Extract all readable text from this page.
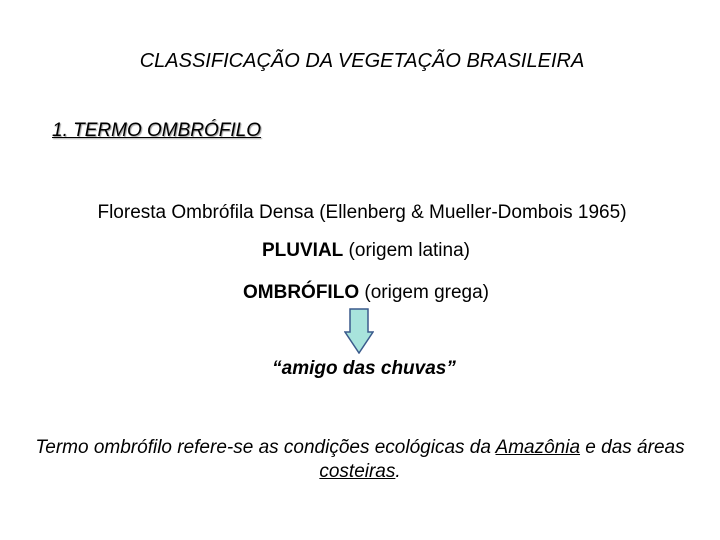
CLASSIFICAÇÃO DA VEGETAÇÃO BRASILEIRA
1. TERMO OMBRÓFILO
Floresta Ombrófila Densa (Ellenberg & Mueller-Dombois 1965)
PLUVIAL (origem latina)
OMBRÓFILO (origem grega)
“amigo das chuvas”
Termo ombrófilo refere-se as condições ecológicas da Amazônia e das áreas costeiras.
